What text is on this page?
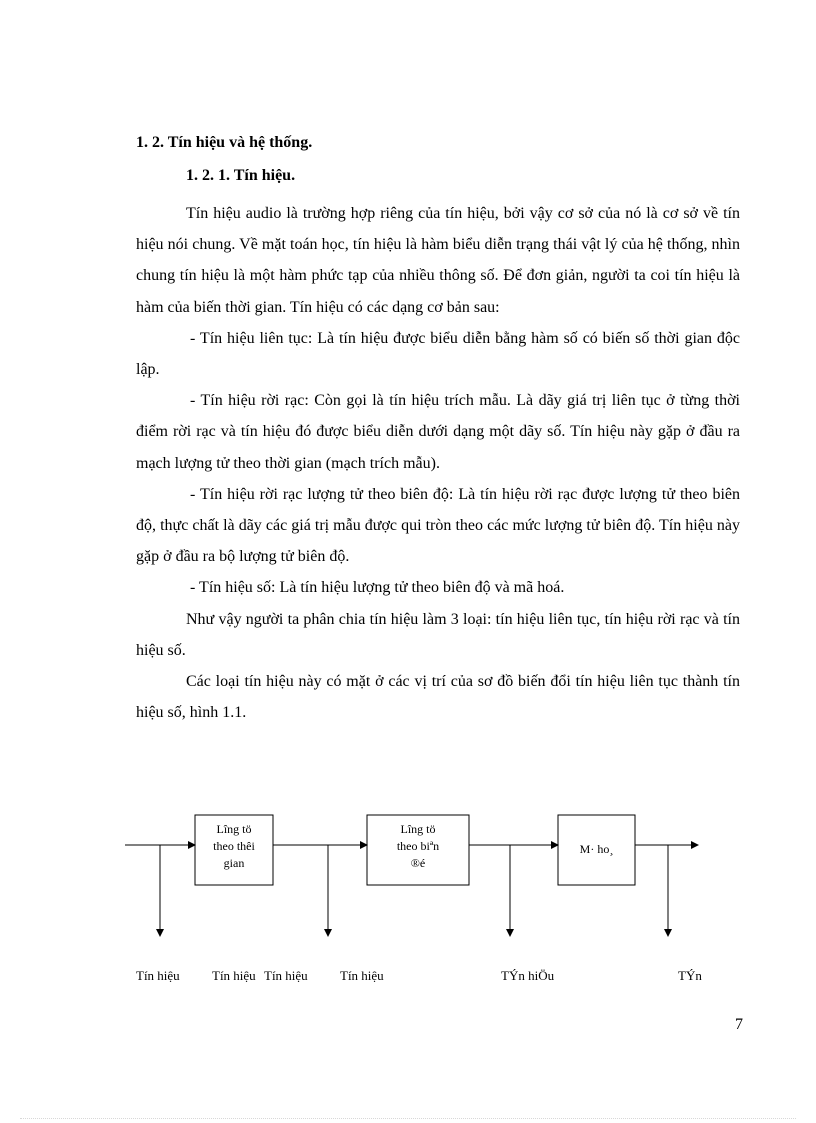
1. 2. Tín hiệu và hệ thống.
1. 2. 1. Tín hiệu.

Tín hiệu audio là trường hợp riêng của tín hiệu, bởi vậy cơ sở của nó là cơ sở về tín hiệu nói chung. Về mặt toán học, tín hiệu là hàm biểu diễn trạng thái vật lý của hệ thống, nhìn chung tín hiệu là một hàm phức tạp của nhiều thông số. Để đơn giản, người ta coi tín hiệu là hàm của biến thời gian. Tín hiệu có các dạng cơ bản sau:

- Tín hiệu liên tục: Là tín hiệu được biểu diễn bằng hàm số có biến số thời gian độc lập.

- Tín hiệu rời rạc: Còn gọi là tín hiệu trích mẫu. Là dãy giá trị liên tục ở từng thời điểm rời rạc và tín hiệu đó được biểu diễn dưới dạng một dãy số. Tín hiệu này gặp ở đầu ra mạch lượng tử theo thời gian (mạch trích mẫu).

- Tín hiệu rời rạc lượng tử theo biên độ: Là tín hiệu rời rạc được lượng tử theo biên độ, thực chất là dãy các giá trị mẫu được qui tròn theo các mức lượng tử biên độ. Tín hiệu này gặp ở đầu ra bộ lượng tử biên độ.

- Tín hiệu số: Là tín hiệu lượng tử theo biên độ và mã hoá.

Như vậy người ta phân chia tín hiệu làm 3 loại: tín hiệu liên tục, tín hiệu rời rạc và tín hiệu số.

Các loại tín hiệu này có mặt ở các vị trí của sơ đồ biến đổi tín hiệu liên tục thành tín hiệu số, hình 1.1.

Lîng tö
theo thêi
gian
Lîng tö
theo biªn
®é
M· ho¸
Tín hiệu Tín hiệu Tín hiệu Tín hiệu	TÝn hiÖu	TÝn
7
